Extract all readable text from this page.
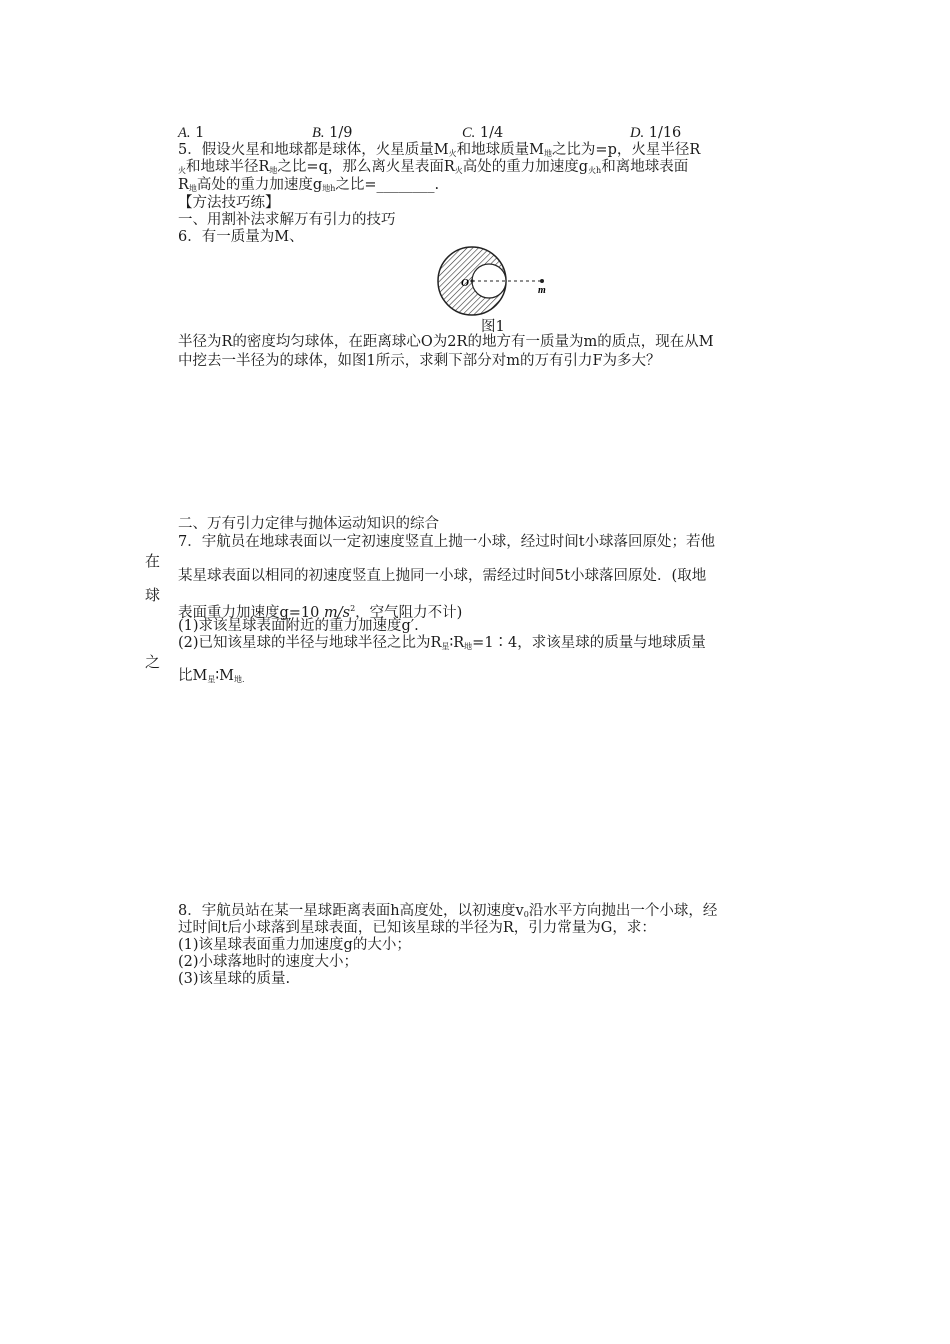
A. 1	B. 1/9	C. 1/4	D. 1/16
5．假设火星和地球都是球体，火星质量$M_火$和地球质量$M_地$之比为=p，火星半径R
$_火$和地球半径$R_地$之比=q，那么离火星表面$R_火$高处的重力加速度$g_{火h}$和离地球表面
$R_地$高处的重力加速度$g_{地h}$之比=________.
【方法技巧练】
一、用割补法求解万有引力的技巧
6．有一质量为M、
O
m
图1
半径为R的密度均匀球体，在距离球心O为2R的地方有一质量为m的质点，现在从M
中挖去一半径为的球体，如图1所示，求剩下部分对m的万有引力F为多大？
二、万有引力定律与抛体运动知识的综合
7．宇航员在地球表面以一定初速度竖直上抛一小球，经过时间t小球落回原处；若他
某星球表面以相同的初速度竖直上抛同一小球，需经过时间5t小球落回原处．(取地
表面重力加速度g=10 $m/s^2$，空气阻力不计)
(1)求该星球表面附近的重力加速度g′.
(2)已知该星球的半径与地球半径之比为$R_星∶R_地=1∶4$，求该星球的质量与地球质量
比$M_星∶M_{地.}$
在
球
之
8．宇航员站在某一星球距离表面h高度处，以初速度$v_0$沿水平方向抛出一个小球，经
过时间t后小球落到星球表面，已知该星球的半径为R，引力常量为G，求：
(1)该星球表面重力加速度g的大小；
(2)小球落地时的速度大小；
(3)该星球的质量.
